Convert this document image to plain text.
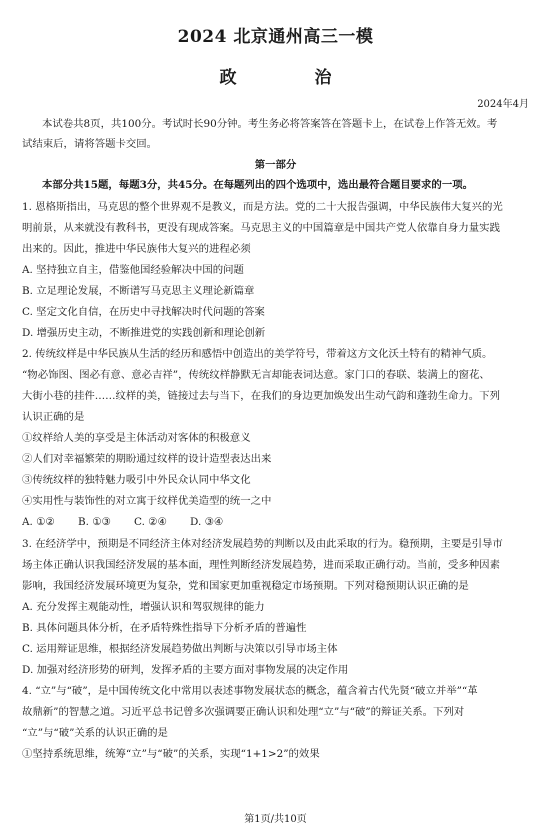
2024 北京通州高三一模
政 治
2024年4月
本试卷共8页，共100分。考试时长90分钟。考生务必将答案答在答题卡上，在试卷上作答无效。考
试结束后，请将答题卡交回。
第一部分
本部分共15题，每题3分，共45分。在每题列出的四个选项中，选出最符合题目要求的一项。
1. 恩格斯指出，马克思的整个世界观不是教义，而是方法。党的二十大报告强调，中华民族伟大复兴的光
明前景，从来就没有教科书，更没有现成答案。马克思主义的中国篇章是中国共产党人依靠自身力量实践
出来的。因此，推进中华民族伟大复兴的进程必须
A. 坚持独立自主，借鉴他国经验解决中国的问题
B. 立足理论发展，不断谱写马克思主义理论新篇章
C. 坚定文化自信，在历史中寻找解决时代问题的答案
D. 增强历史主动，不断推进党的实践创新和理论创新
2. 传统纹样是中华民族从生活的经历和感悟中创造出的美学符号，带着这方文化沃土特有的精神气质。
“物必饰图、图必有意、意必吉祥”，传统纹样静默无言却能表词达意。家门口的春联、装满上的窗花、
大街小巷的挂件……纹样的美，链接过去与当下，在我们的身边更加焕发出生动气韵和蓬勃生命力。下列
认识正确的是
①纹样给人美的享受是主体活动对客体的积极意义
②人们对幸福繁荣的期盼通过纹样的设计造型表达出来
③传统纹样的独特魅力吸引中外民众认同中华文化
④实用性与装饰性的对立寓于纹样优美造型的统一之中
A. ①② B. ①③ C. ②④ D. ③④
3. 在经济学中，预期是不同经济主体对经济发展趋势的判断以及由此采取的行为。稳预期，主要是引导市
场主体正确认识我国经济发展的基本面，理性判断经济发展趋势，进而采取正确行动。当前，受多种因素
影响，我国经济发展环境更为复杂，党和国家更加重视稳定市场预期。下列对稳预期认识正确的是
A. 充分发挥主观能动性，增强认识和驾驭规律的能力
B. 具体问题具体分析，在矛盾特殊性指导下分析矛盾的普遍性
C. 运用辩证思维，根据经济发展趋势做出判断与决策以引导市场主体
D. 加强对经济形势的研判，发挥矛盾的主要方面对事物发展的决定作用
4. “立”与“破”，是中国传统文化中常用以表述事物发展状态的概念，蕴含着古代先贤“破立并举”“革
故鼎新”的智慧之道。习近平总书记曾多次强调要正确认识和处理“立”与“破”的辩证关系。下列对
“立”与“破”关系的认识正确的是
①坚持系统思维，统筹“立”与“破”的关系，实现“1+1>2”的效果
第1页/共10页
